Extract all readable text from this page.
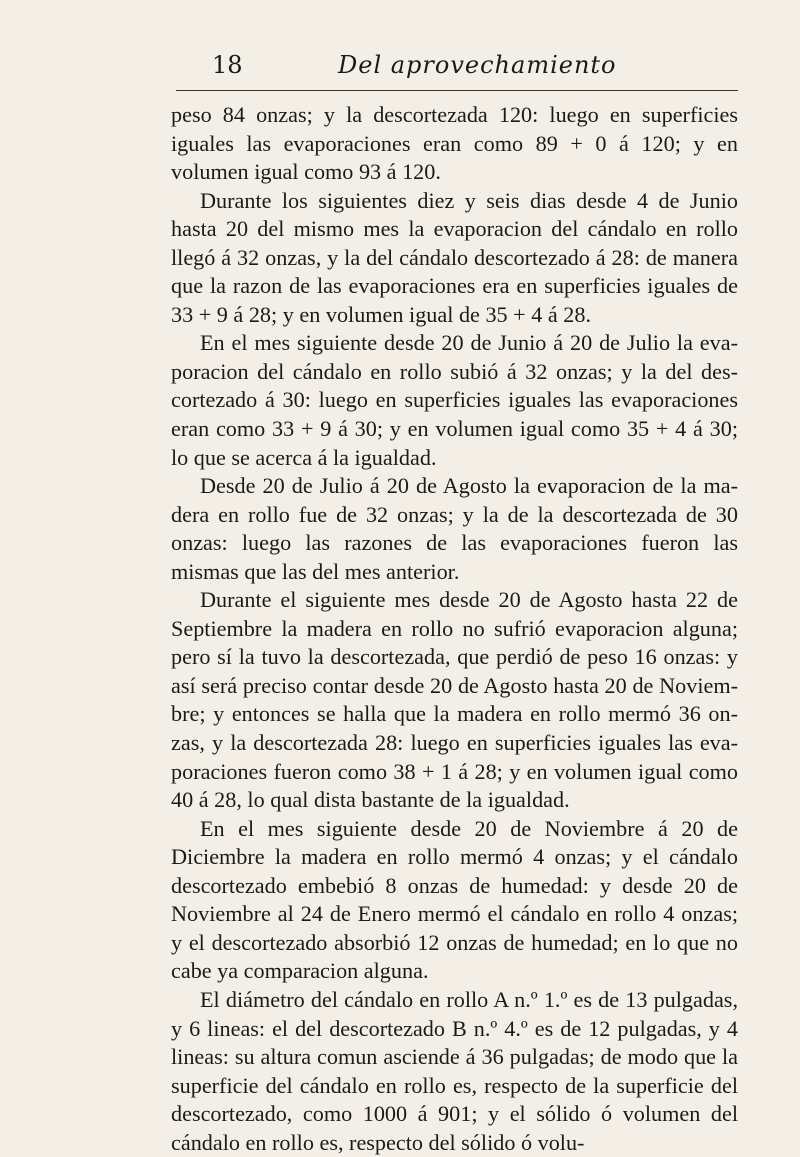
18	Del aprovechamiento

peso 84 onzas; y la descortezada 120: luego en superficies iguales las evaporaciones eran como 89 + 0 á 120; y en volumen igual como 93 á 120.

Durante los siguientes diez y seis dias desde 4 de Junio hasta 20 del mismo mes la evaporacion del cándalo en rollo llegó á 32 onzas, y la del cándalo descortezado á 28: de manera que la razon de las evaporaciones era en superficies iguales de 33 + 9 á 28; y en volumen igual de 35 + 4 á 28.

En el mes siguiente desde 20 de Junio á 20 de Julio la evaporacion del cándalo en rollo subió á 32 onzas; y la del descortezado á 30: luego en superficies iguales las evaporaciones eran como 33 + 9 á 30; y en volumen igual como 35 + 4 á 30; lo que se acerca á la igualdad.

Desde 20 de Julio á 20 de Agosto la evaporacion de la madera en rollo fue de 32 onzas; y la de la descortezada de 30 onzas: luego las razones de las evaporaciones fueron las mismas que las del mes anterior.

Durante el siguiente mes desde 20 de Agosto hasta 22 de Septiembre la madera en rollo no sufrió evaporacion alguna; pero sí la tuvo la descortezada, que perdió de peso 16 onzas: y así será preciso contar desde 20 de Agosto hasta 20 de Noviembre; y entonces se halla que la madera en rollo mermó 36 onzas, y la descortezada 28: luego en superficies iguales las evaporaciones fueron como 38 + 1 á 28; y en volumen igual como 40 á 28, lo qual dista bastante de la igualdad.

En el mes siguiente desde 20 de Noviembre á 20 de Diciembre la madera en rollo mermó 4 onzas; y el cándalo descortezado embebió 8 onzas de humedad: y desde 20 de Noviembre al 24 de Enero mermó el cándalo en rollo 4 onzas; y el descortezado absorbió 12 onzas de humedad; en lo que no cabe ya comparacion alguna.

El diámetro del cándalo en rollo A n.º 1.º es de 13 pulgadas, y 6 lineas: el del descortezado B n.º 4.º es de 12 pulgadas, y 4 lineas: su altura comun asciende á 36 pulgadas; de modo que la superficie del cándalo en rollo es, respecto de la superficie del descortezado, como 1000 á 901; y el sólido ó volumen del cándalo en rollo es, respecto del sólido ó volu-
